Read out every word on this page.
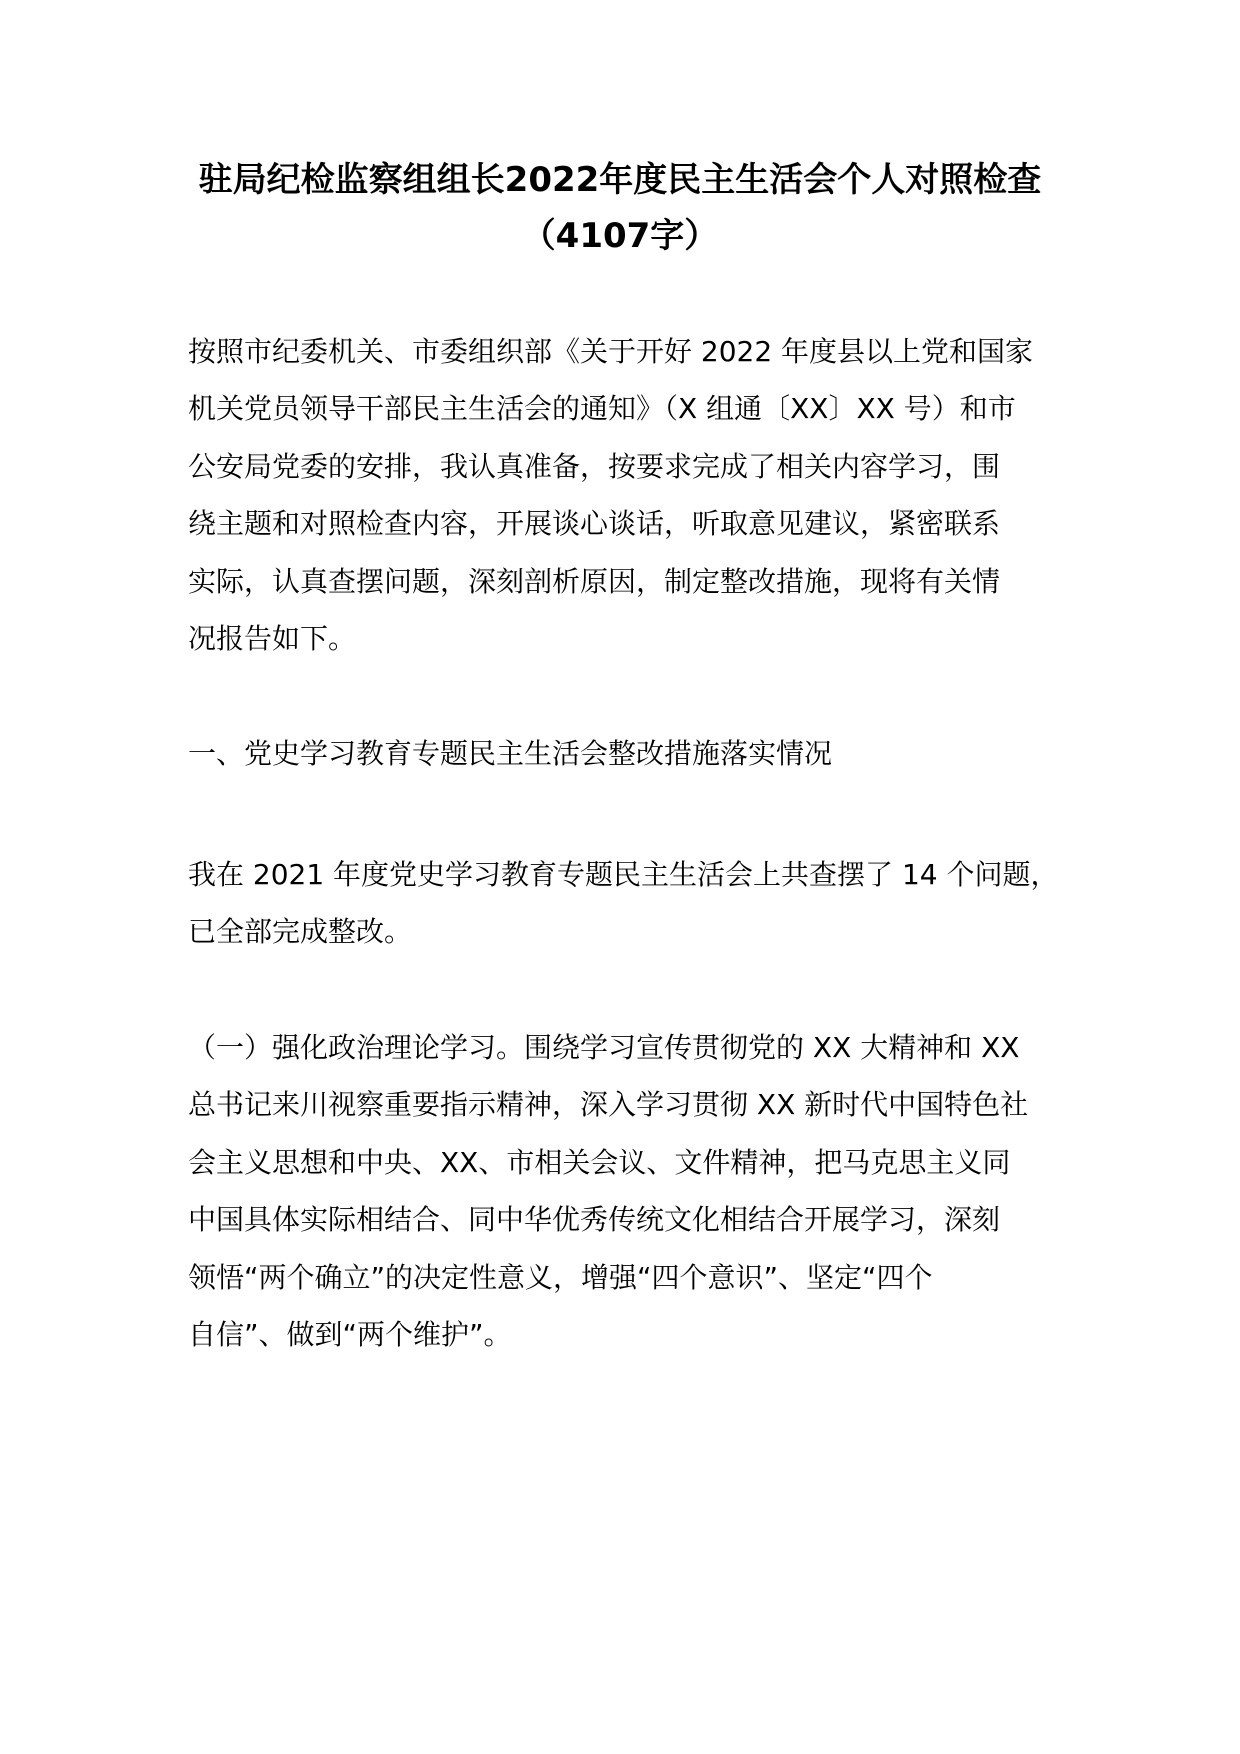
驻局纪检监察组组长2022年度民主生活会个人对照检查
（4107字）
按照市纪委机关、市委组织部《关于开好 2022 年度县以上党和国家
机关党员领导干部民主生活会的通知》（X 组通〔XX〕XX 号）和市
公安局党委的安排，我认真准备，按要求完成了相关内容学习，围
绕主题和对照检查内容，开展谈心谈话，听取意见建议，紧密联系
实际，认真查摆问题，深刻剖析原因，制定整改措施，现将有关情
况报告如下。
一、党史学习教育专题民主生活会整改措施落实情况
我在 2021 年度党史学习教育专题民主生活会上共查摆了 14 个问题，
已全部完成整改。
（一）强化政治理论学习。围绕学习宣传贯彻党的 XX 大精神和 XX
总书记来川视察重要指示精神，深入学习贯彻 XX 新时代中国特色社
会主义思想和中央、XX、市相关会议、文件精神，把马克思主义同
中国具体实际相结合、同中华优秀传统文化相结合开展学习，深刻
领悟“两个确立”的决定性意义，增强“四个意识”、坚定“四个
自信”、做到“两个维护”。
